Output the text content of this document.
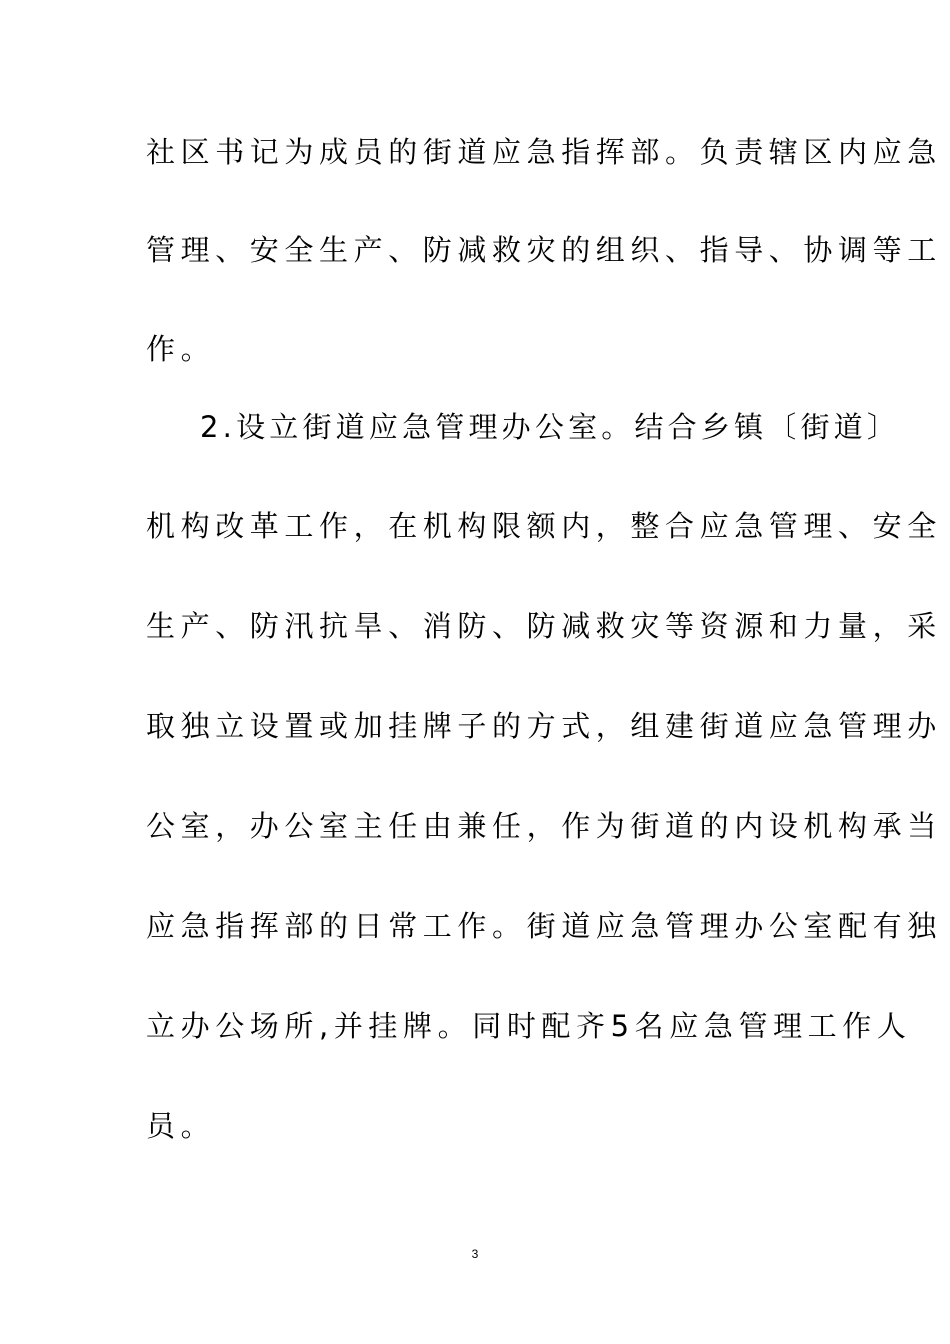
社区书记为成员的街道应急指挥部。负责辖区内应急
管理、安全生产、防减救灾的组织、指导、协调等工
作。
2.设立街道应急管理办公室。结合乡镇〔街道〕
机构改革工作，在机构限额内，整合应急管理、安全
生产、防汛抗旱、消防、防减救灾等资源和力量，采
取独立设置或加挂牌子的方式，组建街道应急管理办
公室，办公室主任由兼任，作为街道的内设机构承当
应急指挥部的日常工作。街道应急管理办公室配有独
立办公场所,并挂牌。同时配齐5名应急管理工作人
员。
3
